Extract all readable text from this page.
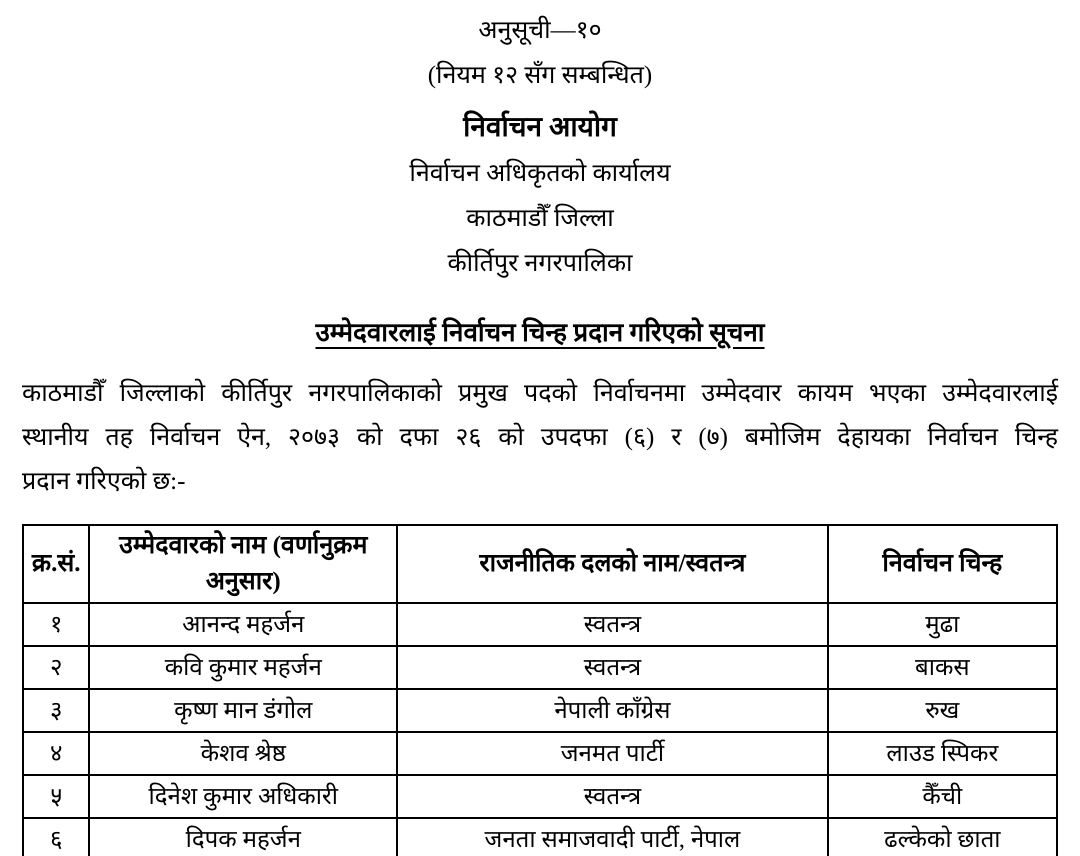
अनुसूची—१०
(नियम १२ सँग सम्बन्धित)
निर्वाचन आयोग
निर्वाचन अधिकृतको कार्यालय
काठमाडौँ जिल्ला
कीर्तिपुर नगरपालिका
उम्मेदवारलाई निर्वाचन चिन्ह प्रदान गरिएको सूचना
काठमाडौँ जिल्लाको कीर्तिपुर नगरपालिकाको प्रमुख पदको निर्वाचनमा उम्मेदवार कायम भएका उम्मेदवारलाई
स्थानीय तह निर्वाचन ऐन, २०७३ को दफा २६ को उपदफा (६) र (७) बमोजिम देहायका निर्वाचन चिन्ह
प्रदान गरिएको छ:-
क्र.सं.	उम्मेदवारको नाम (वर्णानुक्रम अनुसार)	राजनीतिक दलको नाम/स्वतन्त्र	निर्वाचन चिन्ह
१	आनन्द महर्जन	स्वतन्त्र	मुढा
२	कवि कुमार महर्जन	स्वतन्त्र	बाकस
३	कृष्ण मान डंगोल	नेपाली काँग्रेस	रुख
४	केशव श्रेष्ठ	जनमत पार्टी	लाउड स्पिकर
५	दिनेश कुमार अधिकारी	स्वतन्त्र	कैँची
६	दिपक महर्जन	जनता समाजवादी पार्टी, नेपाल	ढल्केको छाता
